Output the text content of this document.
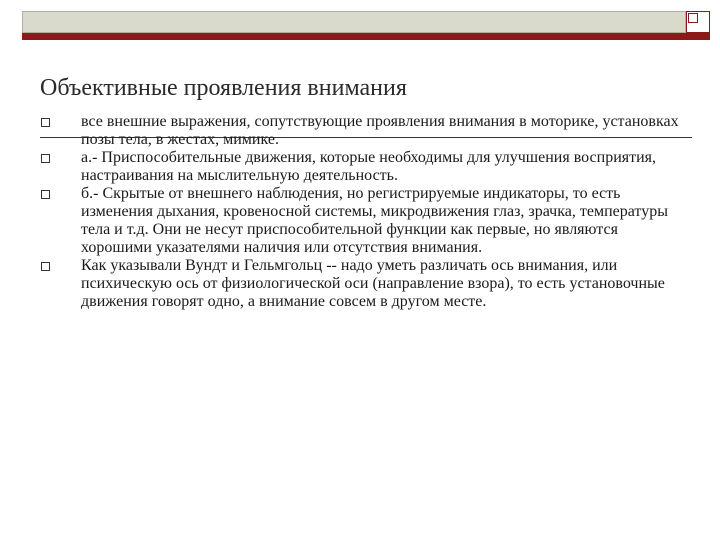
Объективные проявления внимания
все внешние выражения, сопутствующие проявления внимания в моторике, установках позы тела, в жестах, мимике.
а.- Приспособительные движения, которые необходимы для улучшения восприятия, настраивания на мыслительную деятельность.
б.- Скрытые от внешнего наблюдения, но регистрируемые индикаторы, то есть изменения дыхания, кровеносной системы, микродвижения глаз, зрачка, температуры тела и т.д. Они не несут приспособительной функции как первые, но являются хорошими указателями наличия или отсутствия внимания.
Как указывали Вундт и Гельмгольц -- надо уметь различать ось внимания, или психическую ось от физиологической оси (направление взора), то есть установочные движения говорят одно, а внимание совсем в другом месте.
